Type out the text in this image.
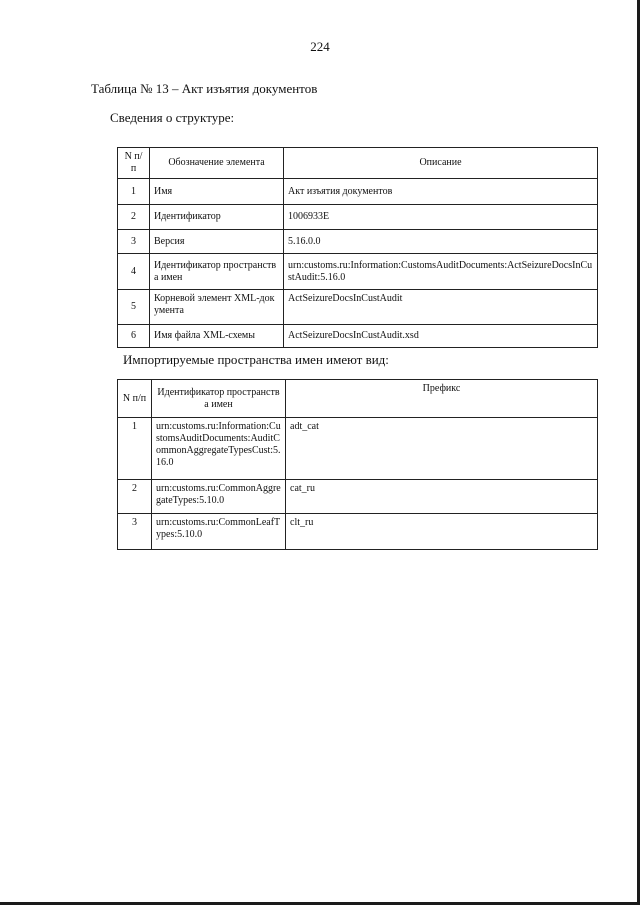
224
Таблица № 13 – Акт изъятия документов
Сведения о структуре:
N п/п	Обозначение элемента	Описание
1	Имя	Акт изъятия документов
2	Идентификатор	1006933E
3	Версия	5.16.0.0
4	Идентификатор пространства имен	urn:customs.ru:Information:CustomsAuditDocuments:ActSeizureDocsInCustAudit:5.16.0
5	Корневой элемент XML-документа	ActSeizureDocsInCustAudit
6	Имя файла XML-схемы	ActSeizureDocsInCustAudit.xsd
Импортируемые пространства имен имеют вид:
N п/п	Идентификатор пространства имен	Префикс
1	urn:customs.ru:Information:CustomsAuditDocuments:AuditCommonAggregateTypesCust:5.16.0	adt_cat
2	urn:customs.ru:CommonAggregateTypes:5.10.0	cat_ru
3	urn:customs.ru:CommonLeafTypes:5.10.0	clt_ru
